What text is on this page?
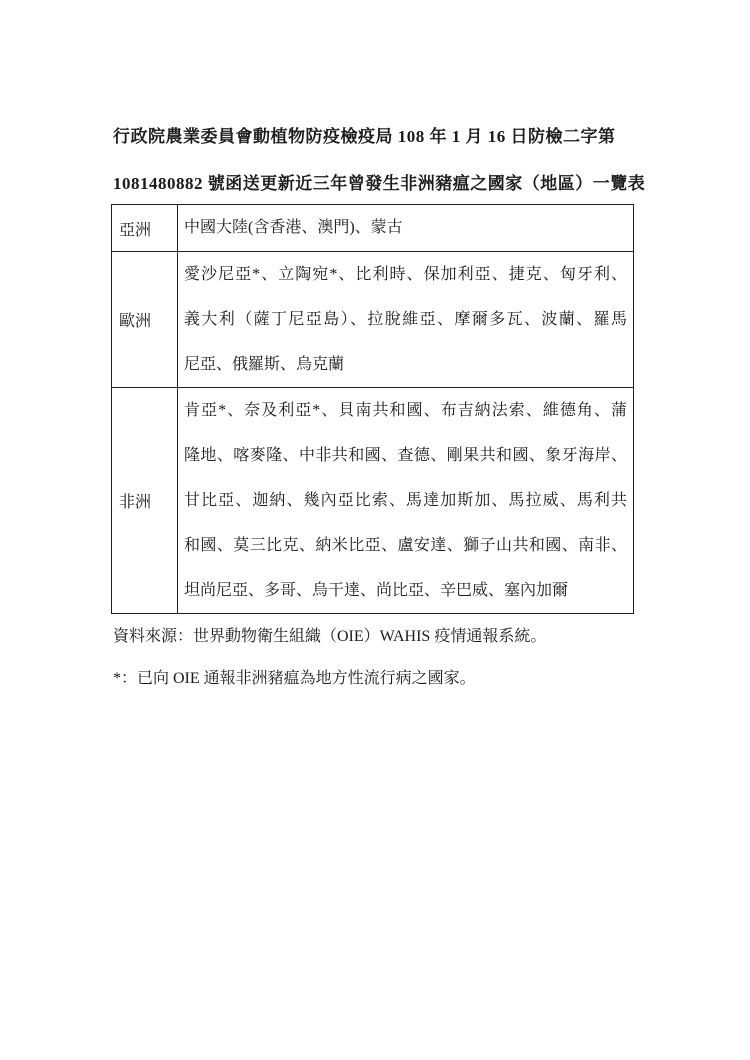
行政院農業委員會動植物防疫檢疫局 108 年 1 月 16 日防檢二字第
1081480882 號函送更新近三年曾發生非洲豬瘟之國家（地區）一覽表
亞洲	中國大陸(含香港、澳門)、蒙古

歐洲	愛沙尼亞*、立陶宛*、比利時、保加利亞、捷克、匈牙利、
義大利（薩丁尼亞島）、拉脫維亞、摩爾多瓦、波蘭、羅馬
尼亞、俄羅斯、烏克蘭

非洲	肯亞*、奈及利亞*、貝南共和國、布吉納法索、維德角、蒲
隆地、喀麥隆、中非共和國、查德、剛果共和國、象牙海岸、
甘比亞、迦納、幾內亞比索、馬達加斯加、馬拉威、馬利共
和國、莫三比克、納米比亞、盧安達、獅子山共和國、南非、
坦尚尼亞、多哥、烏干達、尚比亞、辛巴威、塞內加爾

資料來源：世界動物衛生組織（OIE）WAHIS 疫情通報系統。

*：已向 OIE 通報非洲豬瘟為地方性流行病之國家。
